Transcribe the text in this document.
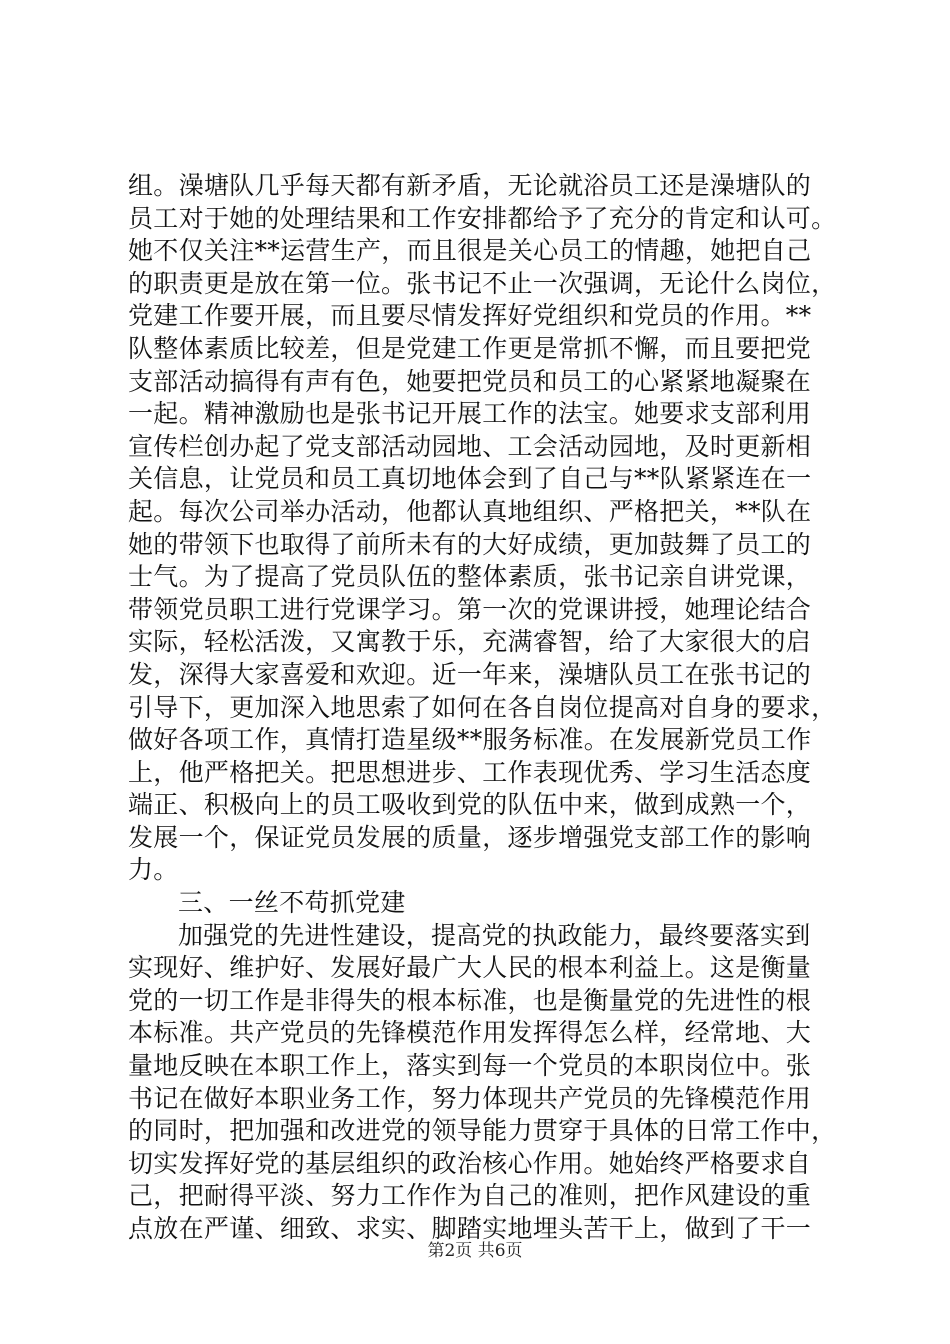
组。澡塘队几乎每天都有新矛盾，无论就浴员工还是澡塘队的
员工对于她的处理结果和工作安排都给予了充分的肯定和认可。
她不仅关注**运营生产，而且很是关心员工的情趣，她把自己
的职责更是放在第一位。张书记不止一次强调，无论什么岗位，
党建工作要开展，而且要尽情发挥好党组织和党员的作用。**
队整体素质比较差，但是党建工作更是常抓不懈，而且要把党
支部活动搞得有声有色，她要把党员和员工的心紧紧地凝聚在
一起。精神激励也是张书记开展工作的法宝。她要求支部利用
宣传栏创办起了党支部活动园地、工会活动园地，及时更新相
关信息，让党员和员工真切地体会到了自己与**队紧紧连在一
起。每次公司举办活动，他都认真地组织、严格把关，**队在
她的带领下也取得了前所未有的大好成绩，更加鼓舞了员工的
士气。为了提高了党员队伍的整体素质，张书记亲自讲党课，
带领党员职工进行党课学习。第一次的党课讲授，她理论结合
实际，轻松活泼，又寓教于乐，充满睿智，给了大家很大的启
发，深得大家喜爱和欢迎。近一年来，澡塘队员工在张书记的
引导下，更加深入地思索了如何在各自岗位提高对自身的要求，
做好各项工作，真情打造星级**服务标准。在发展新党员工作
上，他严格把关。把思想进步、工作表现优秀、学习生活态度
端正、积极向上的员工吸收到党的队伍中来，做到成熟一个，
发展一个，保证党员发展的质量，逐步增强党支部工作的影响
力。
三、一丝不苟抓党建
加强党的先进性建设，提高党的执政能力，最终要落实到
实现好、维护好、发展好最广大人民的根本利益上。这是衡量
党的一切工作是非得失的根本标准，也是衡量党的先进性的根
本标准。共产党员的先锋模范作用发挥得怎么样，经常地、大
量地反映在本职工作上，落实到每一个党员的本职岗位中。张
书记在做好本职业务工作，努力体现共产党员的先锋模范作用
的同时，把加强和改进党的领导能力贯穿于具体的日常工作中，
切实发挥好党的基层组织的政治核心作用。她始终严格要求自
己，把耐得平淡、努力工作作为自己的准则，把作风建设的重
点放在严谨、细致、求实、脚踏实地埋头苦干上，做到了干一
第2页 共6页
